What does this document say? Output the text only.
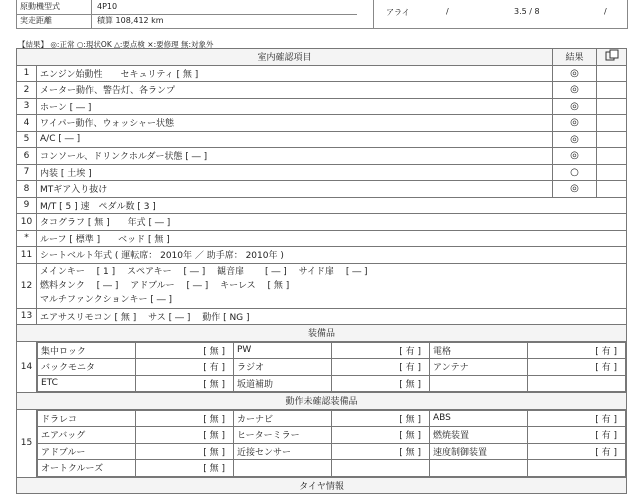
原動機型式	4P10
実走距離	積算 108,412 km
アライ	/	3.5 / 8	/
【結果】 ◎:正常 ○:現状OK △:要点検 ×:要修理 無:対象外
室内確認項目	結果	
1	エンジン始動性　　セキュリティ [ 無 ]	◎	
2	メーター動作、警告灯、各ランプ	◎	
3	ホーン [ ― ]	◎	
4	ワイパー動作、ウォッシャー状態	◎	
5	A/C [ ― ]	◎	
6	コンソール、ドリンクホルダー状態 [ ― ]	◎	
7	内装 [ 土埃 ]	○	
8	MTギア入り抜け	◎	
9	M/T [ 5 ] 速　ペダル数 [ 3 ]
10	タコグラフ [ 無 ]　　年式 [ ― ]
*	ルーフ [ 標準 ]　　ベッド [ 無 ]
11	シートベルト年式 ( 運転席： 2010年 ／ 助手席： 2010年 )
12	
メインキー　 [ 1 ]　 スペアキー　 [ ― ]　 観音扉　　 [ ― ]　 サイド扉　 [ ― ]
燃料タンク　 [ ― ]　 アドブルー　 [ ― ]　 キーレス　 [ 無 ]
マルチファンクションキー [ ― ]

13	エアサスリモコン [ 無 ]　 サス [ ― ]　 動作 [ NG ]
装備品
14	
集中ロック	[ 無 ]	PW	[ 有 ]	電格	[ 有 ]
バックモニタ	[ 有 ]	ラジオ	[ 有 ]	アンテナ	[ 有 ]
ETC	[ 無 ]	坂道補助	[ 無 ]		

動作未確認装備品
15	
ドラレコ	[ 無 ]	カーナビ	[ 無 ]	ABS	[ 有 ]
エアバッグ	[ 無 ]	ヒーターミラー	[ 無 ]	燃焼装置	[ 有 ]
アドブルー	[ 無 ]	近接センサー	[ 無 ]	速度制御装置	[ 有 ]
オートクルーズ	[ 無 ]				

タイヤ情報
